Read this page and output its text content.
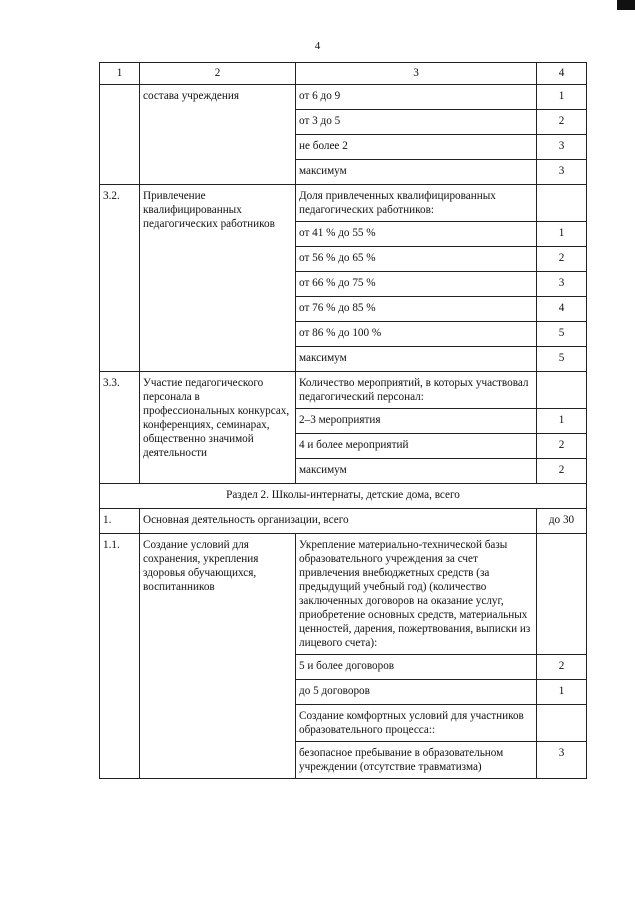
4
1	2	3	4
	состава учреждения	от 6 до 9	1
		от 3 до 5	2
		не более 2	3
		максимум	3
3.2.	Привлечение квалифицированных педагогических работников	Доля привлеченных квалифицированных педагогических работников:	
		от 41 % до 55 %	1
		от 56 % до 65 %	2
		от 66 % до 75 %	3
		от 76 % до 85 %	4
		от 86 % до 100 %	5
		максимум	5
3.3.	Участие педагогического персонала в профессиональных конкурсах, конференциях, семинарах, общественно значимой деятельности	Количество мероприятий, в которых участвовал педагогический персонал:	
		2–3 мероприятия	1
		4 и более мероприятий	2
		максимум	2
Раздел 2. Школы-интернаты, детские дома, всего			
1.	Основная деятельность организации, всего		до 30
1.1.	Создание условий для сохранения, укрепления здоровья обучающихся, воспитанников	Укрепление материально-технической базы образовательного учреждения за счет привлечения внебюджетных средств (за предыдущий учебный год) (количество заключенных договоров на оказание услуг, приобретение основных средств, материальных ценностей, дарения, пожертвования, выписки из лицевого счета):	
		5 и более договоров	2
		до 5 договоров	1
		Создание комфортных условий для участников образовательного процесса::	
		безопасное пребывание в образовательном учреждении (отсутствие травматизма)	3
